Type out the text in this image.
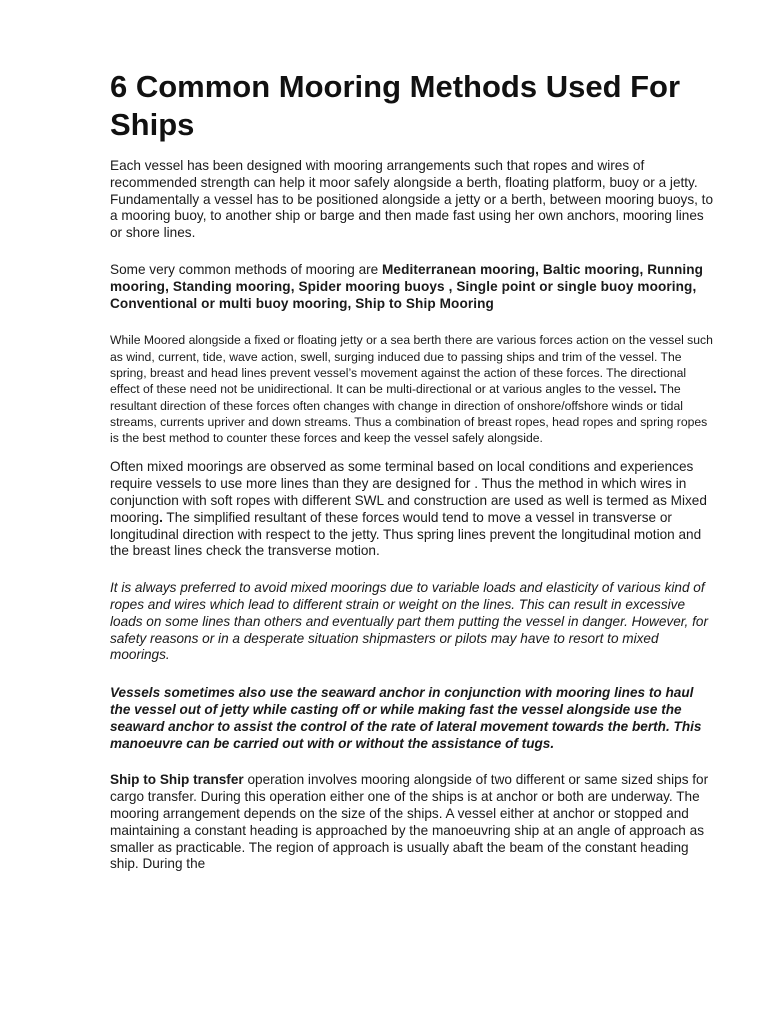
6 Common Mooring Methods Used For Ships

Each vessel has been designed with mooring arrangements such that ropes and wires of recommended strength can help it moor safely alongside a berth, floating platform, buoy or a jetty. Fundamentally a vessel has to be positioned alongside a jetty or a berth, between mooring buoys, to a mooring buoy, to another ship or barge and then made fast using her own anchors, mooring lines or shore lines.

Some very common methods of mooring are Mediterranean mooring, Baltic mooring, Running mooring, Standing mooring, Spider mooring buoys , Single point or single buoy mooring, Conventional or multi buoy mooring, Ship to Ship Mooring

While Moored alongside a fixed or floating jetty or a sea berth there are various forces action on the vessel such as wind, current, tide, wave action, swell, surging induced due to passing ships and trim of the vessel. The spring, breast and head lines prevent vessel’s movement against the action of these forces. The directional effect of these need not be unidirectional. It can be multi-directional or at various angles to the vessel. The resultant direction of these forces often changes with change in direction of onshore/offshore winds or tidal streams, currents upriver and down streams. Thus a combination of breast ropes, head ropes and spring ropes is the best method to counter these forces and keep the vessel safely alongside.

Often mixed moorings are observed as some terminal based on local conditions and experiences require vessels to use more lines than they are designed for . Thus the method in which wires in conjunction with soft ropes with different SWL and construction are used as well is termed as Mixed mooring. The simplified resultant of these forces would tend to move a vessel in transverse or longitudinal direction with respect to the jetty. Thus spring lines prevent the longitudinal motion and the breast lines check the transverse motion.

It is always preferred to avoid mixed moorings due to variable loads and elasticity of various kind of ropes and wires which lead to different strain or weight on the lines. This can result in excessive loads on some lines than others and eventually part them putting the vessel in danger. However, for safety reasons or in a desperate situation shipmasters or pilots may have to resort to mixed moorings.

Vessels sometimes also use the seaward anchor in conjunction with mooring lines to haul the vessel out of jetty while casting off or while making fast the vessel alongside use the seaward anchor to assist the control of the rate of lateral movement towards the berth. This manoeuvre can be carried out with or without the assistance of tugs.

Ship to Ship transfer operation involves mooring alongside of two different or same sized ships for cargo transfer. During this operation either one of the ships is at anchor or both are underway. The mooring arrangement depends on the size of the ships. A vessel either at anchor or stopped and maintaining a constant heading is approached by the manoeuvring ship at an angle of approach as smaller as practicable. The region of approach is usually abaft the beam of the constant heading ship. During the
